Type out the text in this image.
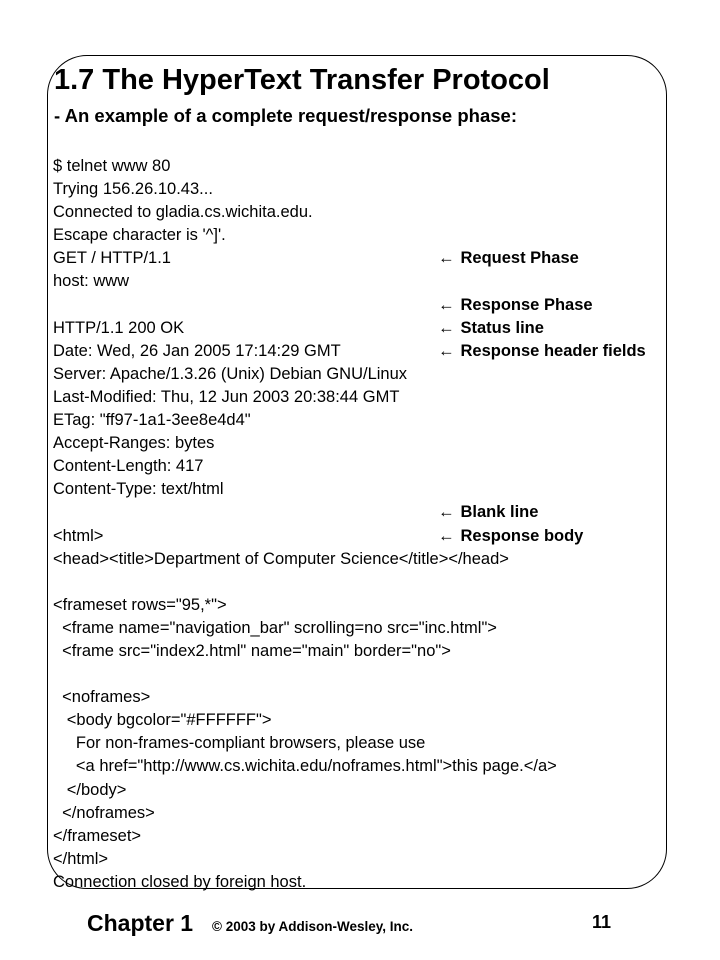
1.7 The HyperText Transfer Protocol
- An example of a complete request/response phase:
$ telnet www 80
Trying 156.26.10.43...
Connected to gladia.cs.wichita.edu.
Escape character is '^]'.
GET / HTTP/1.1	← Request Phase
host: www
← Response Phase
HTTP/1.1 200 OK	← Status line
Date: Wed, 26 Jan 2005 17:14:29 GMT	← Response header fields
Server: Apache/1.3.26 (Unix) Debian GNU/Linux
Last-Modified: Thu, 12 Jun 2003 20:38:44 GMT
ETag: "ff97-1a1-3ee8e4d4"
Accept-Ranges: bytes
Content-Length: 417
Content-Type: text/html
← Blank line
<html>	← Response body
<head><title>Department of Computer Science</title></head>
<frameset rows="95,*">
<frame name="navigation_bar" scrolling=no src="inc.html">
<frame src="index2.html" name="main" border="no">
<noframes>
<body bgcolor="#FFFFFF">
For non-frames-compliant browsers, please use
<a href="http://www.cs.wichita.edu/noframes.html">this page.</a>
</body>
</noframes>
</frameset>
</html>
Connection closed by foreign host.
Chapter 1 © 2003 by Addison-Wesley, Inc.	11
